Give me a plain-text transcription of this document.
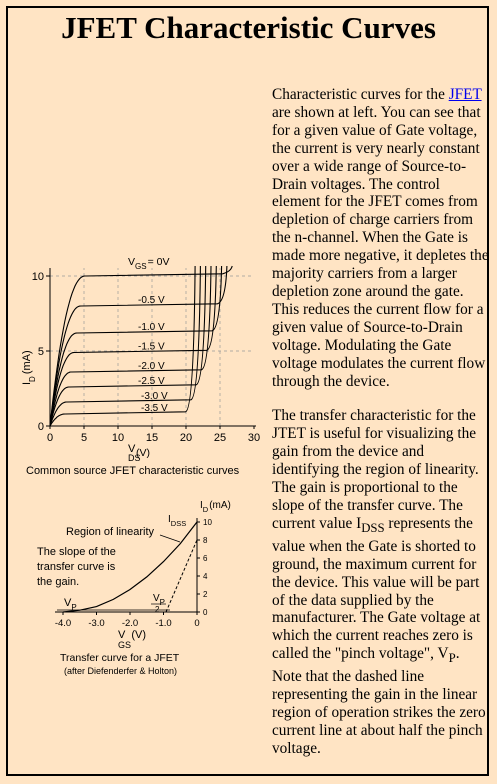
JFET Characteristic Curves

Characteristic curves for the JFET are shown at left. You can see that for a given value of Gate voltage, the current is very nearly constant over a wide range of Source-to-Drain voltages. The control element for the JFET comes from depletion of charge carriers from the n-channel. When the Gate is made more negative, it depletes the majority carriers from a larger depletion zone around the gate. This reduces the current flow for a given value of Source-to-Drain voltage. Modulating the Gate voltage modulates the current flow through the device.

The transfer characteristic for the JTET is useful for visualizing the gain from the device and identifying the region of linearity. The gain is proportional to the slope of the transfer curve. The current value $I_{DSS}$ represents the value when the Gate is shorted to ground, the maximum current for the device. This value will be part of the data supplied by the manufacturer. The Gate voltage at which the current reaches zero is called the "pinch voltage", $V_P$. Note that the dashed line representing the gain in the linear region of operation strikes the zero current line at about half the pinch voltage.

0	5 10 15 20 25 30
0
5
10
-0.5 V
-1.0 V
-1.5 V
-2.0 V
-2.5 V
-3.0 V
-3.5 V
$V_{GS}= 0V$
$I_D(mA)$
V(V)
DS
Common source JFET characteristic curves
-4.0 -3.0 -2.0 -1.0 0
0
2
4
6
8
10
$I_D(mA)$
$I_{DSS}$
Region of linearity
The slope of the
transfer curve is
the gain.
$V_P$
$V_P$
2
V (V)
GS
Transfer curve for a JFET
(after Diefenderfer & Holton)
